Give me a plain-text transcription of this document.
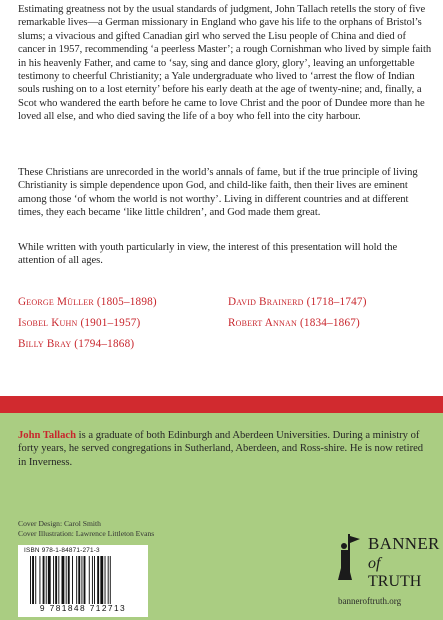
Estimating greatness not by the usual standards of judgment, John Tallach retells the story of five remarkable lives—a German missionary in England who gave his life to the orphans of Bristol’s slums; a vivacious and gifted Canadian girl who served the Lisu people of China and died of cancer in 1957, recommending ‘a peerless Master’; a rough Cornishman who lived by simple faith in his heavenly Father, and came to ‘say, sing and dance glory, glory’, leaving an unforgettable testimony to cheerful Christianity; a Yale undergraduate who lived to ‘arrest the flow of Indian souls rushing on to a lost eternity’ before his early death at the age of twenty-nine; and, finally, a Scot who wandered the earth before he came to love Christ and the poor of Dundee more than he loved all else, and who died saving the life of a boy who fell into the city harbour.

These Christians are unrecorded in the world’s annals of fame, but if the true principle of living Christianity is simple dependence upon God, and child-like faith, then their lives are eminent among those ‘of whom the world is not worthy’. Living in different countries and at different times, they each became ‘like little children’, and God made them great.

While written with youth particularly in view, the interest of this presentation will hold the attention of all ages.

George Müller (1805–1898)	David Brainerd (1718–1747)
Isobel Kuhn (1901–1957)	Robert Annan (1834–1867)
Billy Bray (1794–1868)

John Tallach is a graduate of both Edinburgh and Aberdeen Universities. During a ministry of forty years, he served congregations in Sutherland, Aberdeen, and Ross-shire. He is now retired in Inverness.

Cover Design: Carol Smith
Cover Illustration: Lawrence Littleton Evans
ISBN 978-1-84871-271-3
9 781848 712713
BANNER
of TRUTH
banneroftruth.org
